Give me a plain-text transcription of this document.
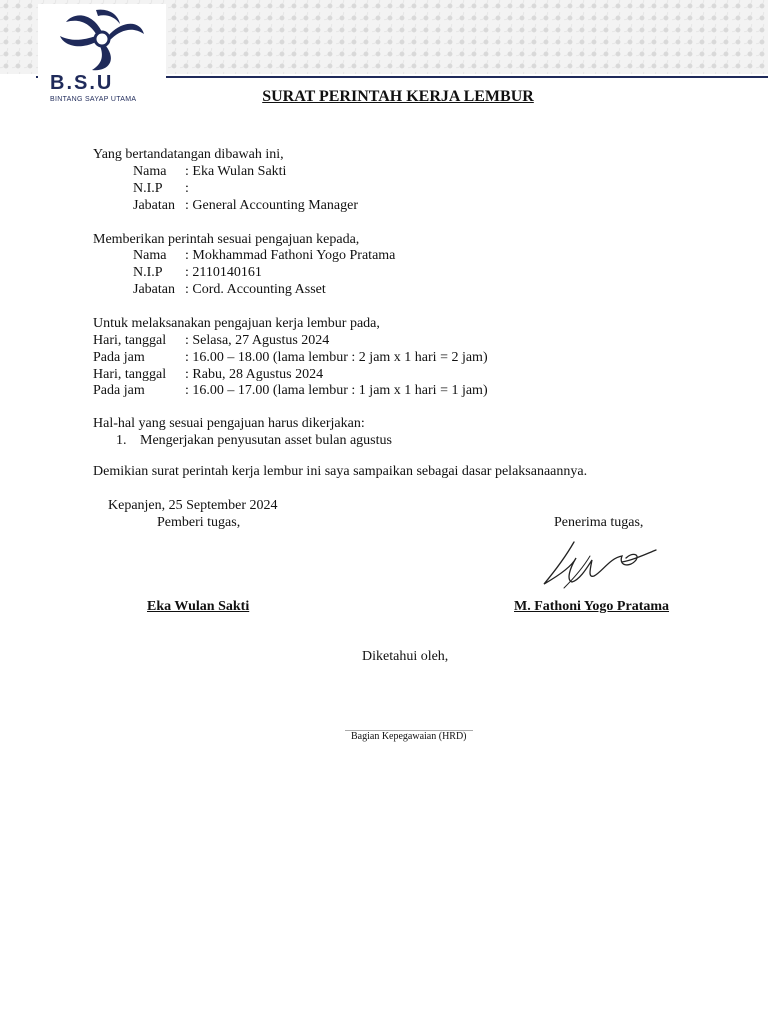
B.S.U
BINTANG SAYAP UTAMA	SURAT PERINTAH KERJA LEMBUR
Yang bertandatangan dibawah ini,
Nama : Eka Wulan Sakti
N.I.P :
Jabatan : General Accounting Manager
Memberikan perintah sesuai pengajuan kepada,
Nama : Mokhammad Fathoni Yogo Pratama
N.I.P : 2110140161
Jabatan : Cord. Accounting Asset
Untuk melaksanakan pengajuan kerja lembur pada,
Hari, tanggal : Selasa, 27 Agustus 2024
Pada jam	: 16.00 – 18.00 (lama lembur : 2 jam x 1 hari = 2 jam)
Hari, tanggal : Rabu, 28 Agustus 2024
Pada jam	: 16.00 – 17.00 (lama lembur : 1 jam x 1 hari = 1 jam)
Hal-hal yang sesuai pengajuan harus dikerjakan:
1. Mengerjakan penyusutan asset bulan agustus
Demikian surat perintah kerja lembur ini saya sampaikan sebagai dasar pelaksanaannya.
Kepanjen, 25 September 2024
Pemberi tugas,	Penerima tugas,
Eka Wulan Sakti	M. Fathoni Yogo Pratama
Diketahui oleh,
Bagian Kepegawaian (HRD)
